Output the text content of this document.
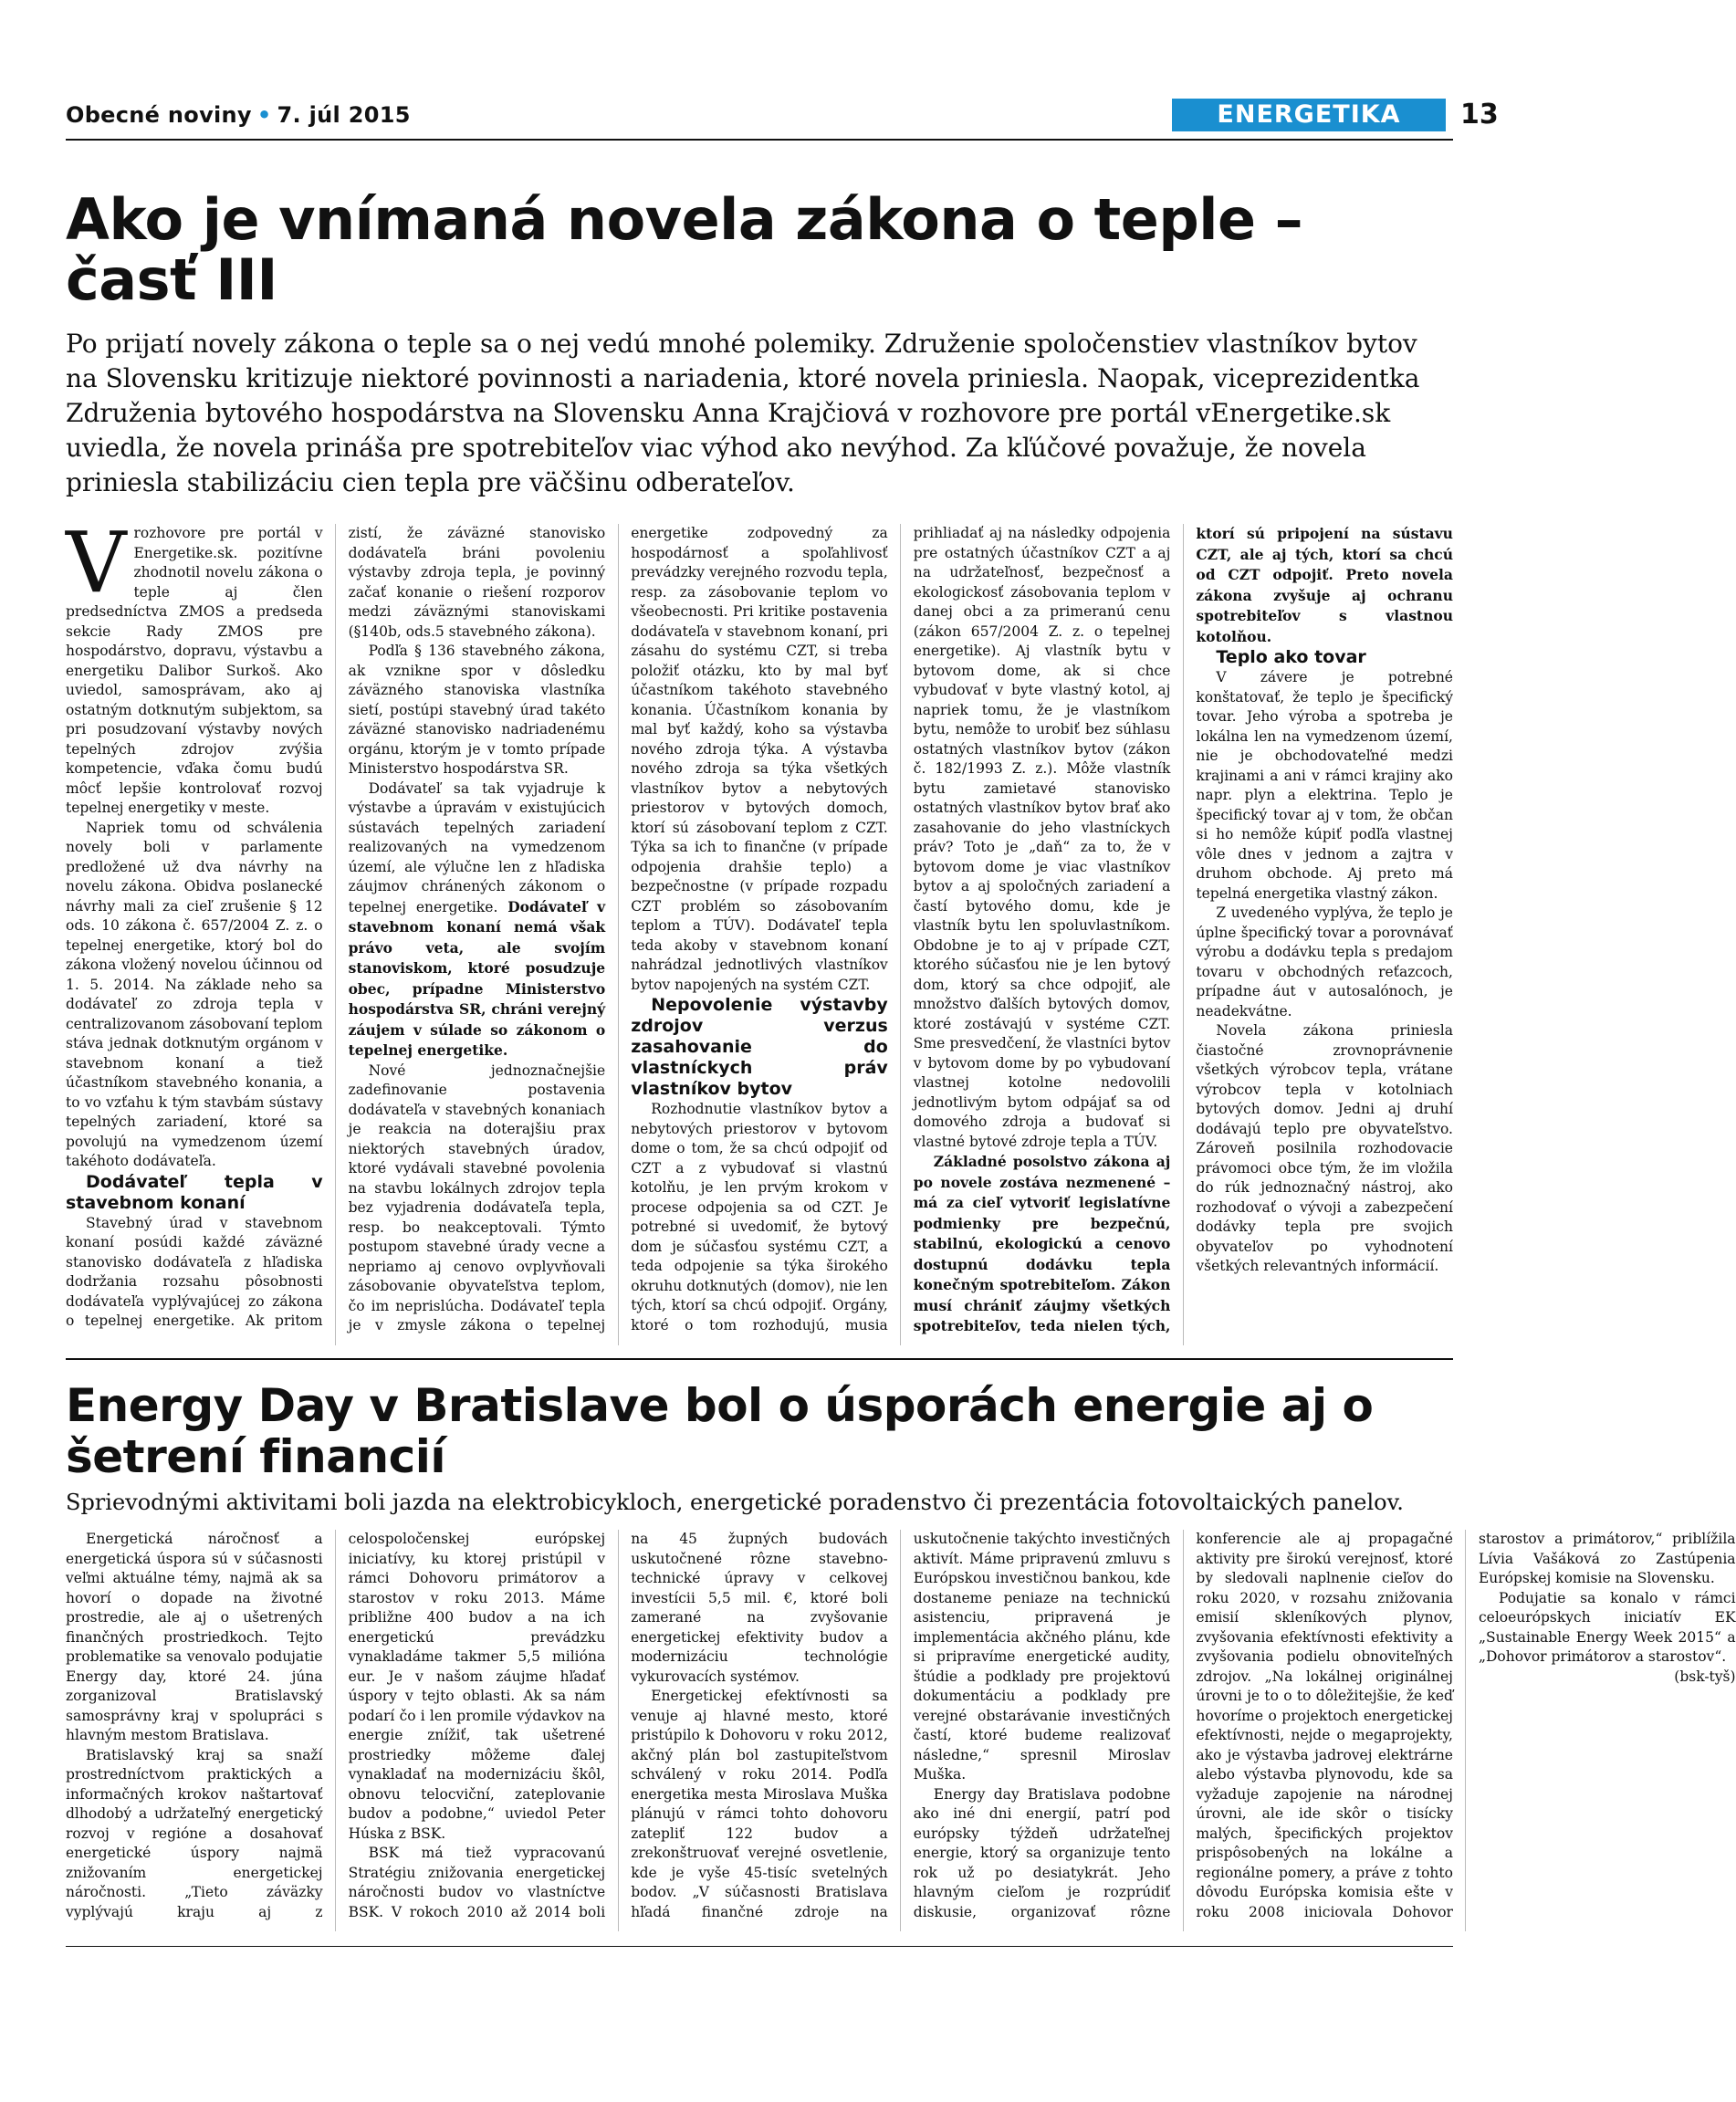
Obecné noviny • 7. júl 2015	ENERGETIKA	13
Ako je vnímaná novela zákona o teple – časť III
Po prijatí novely zákona o teple sa o nej vedú mnohé polemiky. Združenie spoločenstiev vlastníkov bytov na Slovensku kritizuje niektoré povinnosti a nariadenia, ktoré novela priniesla. Naopak, viceprezidentka Združenia bytového hospodárstva na Slovensku Anna Krajčiová v rozhovore pre portál vEnergetike.sk uviedla, že novela prináša pre spotrebiteľov viac výhod ako nevýhod. Za kľúčové považuje, že novela priniesla stabilizáciu cien tepla pre väčšinu odberateľov.

Vrozhovore pre portál v Energetike.sk. pozitívne zhodnotil novelu zákona o teple aj člen predsedníctva ZMOS a predseda sekcie Rady ZMOS pre hospodárstvo, dopravu, výstavbu a energetiku Dalibor Surkoš. Ako uviedol, samosprávam, ako aj ostatným dotknutým subjektom, sa pri posudzovaní výstavby nových tepelných zdrojov zvýšia kompetencie, vďaka čomu budú môcť lepšie kontrolovať rozvoj tepelnej energetiky v meste.

Napriek tomu od schválenia novely boli v parlamente predložené už dva návrhy na novelu zákona. Obidva poslanecké návrhy mali za cieľ zrušenie § 12 ods. 10 zákona č. 657/2004 Z. z. o tepelnej energetike, ktorý bol do zákona vložený novelou účinnou od 1. 5. 2014. Na základe neho sa dodávateľ zo zdroja tepla v centralizovanom zásobovaní teplom stáva jednak dotknutým orgánom v stavebnom konaní a tiež účastníkom stavebného konania, a to vo vzťahu k tým stavbám sústavy tepelných zariadení, ktoré sa povolujú na vymedzenom území takéhoto dodávateľa.

Dodávateľ tepla v stavebnom konaní

Stavebný úrad v stavebnom konaní posúdi každé záväzné stanovisko dodávateľa z hľadiska dodržania rozsahu pôsobnosti dodávateľa vyplývajúcej zo zákona o tepelnej energetike. Ak pritom zistí, že záväzné stanovisko dodávateľa bráni povoleniu výstavby zdroja tepla, je povinný začať konanie o riešení rozporov medzi záväznými stanoviskami (§140b, ods.5 stavebného zákona).

Podľa § 136 stavebného zákona, ak vznikne spor v dôsledku záväzného stanoviska vlastníka sietí, postúpi stavebný úrad takéto záväzné stanovisko nadriadenému orgánu, ktorým je v tomto prípade Ministerstvo hospodárstva SR.

Dodávateľ sa tak vyjadruje k výstavbe a úpravám v existujúcich sústavách tepelných zariadení realizovaných na vymedzenom území, ale výlučne len z hľadiska záujmov chránených zákonom o tepelnej energetike. Dodávateľ v stavebnom konaní nemá však právo veta, ale svojím stanoviskom, ktoré posudzuje obec, prípadne Ministerstvo hospodárstva SR, chráni verejný záujem v súlade so zákonom o tepelnej energetike.

Nové jednoznačnejšie zadefinovanie postavenia dodávateľa v stavebných konaniach je reakcia na doterajšiu prax niektorých stavebných úradov, ktoré vydávali stavebné povolenia na stavbu lokálnych zdrojov tepla bez vyjadrenia dodávateľa tepla, resp. bo neakceptovali. Týmto postupom stavebné úrady vecne a nepriamo aj cenovo ovplyvňovali zásobovanie obyvateľstva teplom, čo im neprislúcha. Dodávateľ tepla je v zmysle zákona o tepelnej energetike zodpovedný za hospodárnosť a spoľahlivosť prevádzky verejného rozvodu tepla, resp. za zásobovanie teplom vo všeobecnosti. Pri kritike postavenia dodávateľa v stavebnom konaní, pri zásahu do systému CZT, si treba položiť otázku, kto by mal byť účastníkom takéhoto stavebného konania. Účastníkom konania by mal byť každý, koho sa výstavba nového zdroja týka. A výstavba nového zdroja sa týka všetkých vlastníkov bytov a nebytových priestorov v bytových domoch, ktorí sú zásobovaní teplom z CZT. Týka sa ich to finančne (v prípade odpojenia drahšie teplo) a bezpečnostne (v prípade rozpadu CZT problém so zásobovaním teplom a TÚV). Dodávateľ tepla teda akoby v stavebnom konaní nahrádzal jednotlivých vlastníkov bytov napojených na systém CZT.

Nepovolenie výstavby zdrojov verzus zasahovanie do vlastníckych práv vlastníkov bytov

Rozhodnutie vlastníkov bytov a nebytových priestorov v bytovom dome o tom, že sa chcú odpojiť od CZT a z vybudovať si vlastnú kotolňu, je len prvým krokom v procese odpojenia sa od CZT. Je potrebné si uvedomiť, že bytový dom je súčasťou systému CZT, a teda odpojenie sa týka širokého okruhu dotknutých (domov), nie len tých, ktorí sa chcú odpojiť. Orgány, ktoré o tom rozhodujú, musia prihliadať aj na následky odpojenia pre ostatných účastníkov CZT a aj na udržateľnosť, bezpečnosť a ekologickosť zásobovania teplom v danej obci a za primeranú cenu (zákon 657/2004 Z. z. o tepelnej energetike). Aj vlastník bytu v bytovom dome, ak si chce vybudovať v byte vlastný kotol, aj napriek tomu, že je vlastníkom bytu, nemôže to urobiť bez súhlasu ostatných vlastníkov bytov (zákon č. 182/1993 Z. z.). Môže vlastník bytu zamietavé stanovisko ostatných vlastníkov bytov brať ako zasahovanie do jeho vlastníckych práv? Toto je „daň“ za to, že v bytovom dome je viac vlastníkov bytov a aj spoločných zariadení a častí bytového domu, kde je vlastník bytu len spoluvlastníkom. Obdobne je to aj v prípade CZT, ktorého súčasťou nie je len bytový dom, ktorý sa chce odpojiť, ale množstvo ďalších bytových domov, ktoré zostávajú v systéme CZT. Sme presvedčení, že vlastníci bytov v bytovom dome by po vybudovaní vlastnej kotolne nedovolili jednotlivým bytom odpájať sa od domového zdroja a budovať si vlastné bytové zdroje tepla a TÚV.

Základné posolstvo zákona aj po novele zostáva nezmenené – má za cieľ vytvoriť legislatívne podmienky pre bezpečnú, stabilnú, ekologickú a cenovo dostupnú dodávku tepla konečným spotrebiteľom. Zákon musí chrániť záujmy všetkých spotrebiteľov, teda nielen tých, ktorí sú pripojení na sústavu CZT, ale aj tých, ktorí sa chcú od CZT odpojiť. Preto novela zákona zvyšuje aj ochranu spotrebiteľov s vlastnou kotolňou.

Teplo ako tovar

V závere je potrebné konštatovať, že teplo je špecifický tovar. Jeho výroba a spotreba je lokálna len na vymedzenom území, nie je obchodovateľné medzi krajinami a ani v rámci krajiny ako napr. plyn a elektrina. Teplo je špecifický tovar aj v tom, že občan si ho nemôže kúpiť podľa vlastnej vôle dnes v jednom a zajtra v druhom obchode. Aj preto má tepelná energetika vlastný zákon.

Z uvedeného vyplýva, že teplo je úplne špecifický tovar a porovnávať výrobu a dodávku tepla s predajom tovaru v obchodných reťazcoch, prípadne áut v autosalónoch, je neadekvátne.

Novela zákona priniesla čiastočné zrovnoprávnenie všetkých výrobcov tepla, vrátane výrobcov tepla v kotolniach bytových domov. Jedni aj druhí dodávajú teplo pre obyvateľstvo. Zároveň posilnila rozhodovacie právomoci obce tým, že im vložila do rúk jednoznačný nástroj, ako rozhodovať o vývoji a zabezpečení dodávky tepla pre svojich obyvateľov po vyhodnotení všetkých relevantných informácií.

Energy Day v Bratislave bol o úsporách energie aj o šetrení financií
Sprievodnými aktivitami boli jazda na elektrobicykloch, energetické poradenstvo či prezentácia fotovoltaických panelov.

Energetická náročnosť a energetická úspora sú v súčasnosti veľmi aktuálne témy, najmä ak sa hovorí o dopade na životné prostredie, ale aj o ušetrených finančných prostriedkoch. Tejto problematike sa venovalo podujatie Energy day, ktoré 24. júna zorganizoval Bratislavský samosprávny kraj v spolupráci s hlavným mestom Bratislava.

Bratislavský kraj sa snaží prostredníctvom praktických a informačných krokov naštartovať dlhodobý a udržateľný energetický rozvoj v regióne a dosahovať energetické úspory najmä znižovaním energetickej náročnosti. „Tieto záväzky vyplývajú kraju aj z celospoločenskej európskej iniciatívy, ku ktorej pristúpil v rámci Dohovoru primátorov a starostov v roku 2013. Máme približne 400 budov a na ich energetickú prevádzku vynakladáme takmer 5,5 milióna eur. Je v našom záujme hľadať úspory v tejto oblasti. Ak sa nám podarí čo i len promile výdavkov na energie znížiť, tak ušetrené prostriedky môžeme ďalej vynakladať na modernizáciu škôl, obnovu telocviční, zateplovanie budov a podobne,“ uviedol Peter Húska z BSK.

BSK má tiež vypracovanú Stratégiu znižovania energetickej náročnosti budov vo vlastníctve BSK. V rokoch 2010 až 2014 boli na 45 župných budovách uskutočnené rôzne stavebno-technické úpravy v celkovej investícii 5,5 mil. €, ktoré boli zamerané na zvyšovanie energetickej efektivity budov a modernizáciu technológie vykurovacích systémov.

Energetickej efektívnosti sa venuje aj hlavné mesto, ktoré pristúpilo k Dohovoru v roku 2012, akčný plán bol zastupiteľstvom schválený v roku 2014. Podľa energetika mesta Miroslava Muška plánujú v rámci tohto dohovoru zatepliť 122 budov a zrekonštruovať verejné osvetlenie, kde je vyše 45-tisíc svetelných bodov. „V súčasnosti Bratislava hľadá finančné zdroje na uskutočnenie takýchto investičných aktivít. Máme pripravenú zmluvu s Európskou investičnou bankou, kde dostaneme peniaze na technickú asistenciu, pripravená je implementácia akčného plánu, kde si pripravíme energetické audity, štúdie a podklady pre projektovú dokumentáciu a podklady pre verejné obstarávanie investičných častí, ktoré budeme realizovať následne,“ spresnil Miroslav Muška.

Energy day Bratislava podobne ako iné dni energií, patrí pod európsky týždeň udržateľnej energie, ktorý sa organizuje tento rok už po desiatykrát. Jeho hlavným cieľom je rozprúdiť diskusie, organizovať rôzne konferencie ale aj propagačné aktivity pre širokú verejnosť, ktoré by sledovali naplnenie cieľov do roku 2020, v rozsahu znižovania emisií skleníkových plynov, zvyšovania efektívnosti efektivity a zvyšovania podielu obnoviteľných zdrojov. „Na lokálnej originálnej úrovni je to o to dôležitejšie, že keď hovoríme o projektoch energetickej efektívnosti, nejde o megaprojekty, ako je výstavba jadrovej elektrárne alebo výstavba plynovodu, kde sa vyžaduje zapojenie na národnej úrovni, ale ide skôr o tisícky malých, špecifických projektov prispôsobených na lokálne a regionálne pomery, a práve z tohto dôvodu Európska komisia ešte v roku 2008 iniciovala Dohovor starostov a primátorov,“ priblížila Lívia Vašáková zo Zastúpenia Európskej komisie na Slovensku.

Podujatie sa konalo v rámci celoeurópskych iniciatív EK „Sustainable Energy Week 2015“ a „Dohovor primátorov a starostov“.

(bsk-tyš)
